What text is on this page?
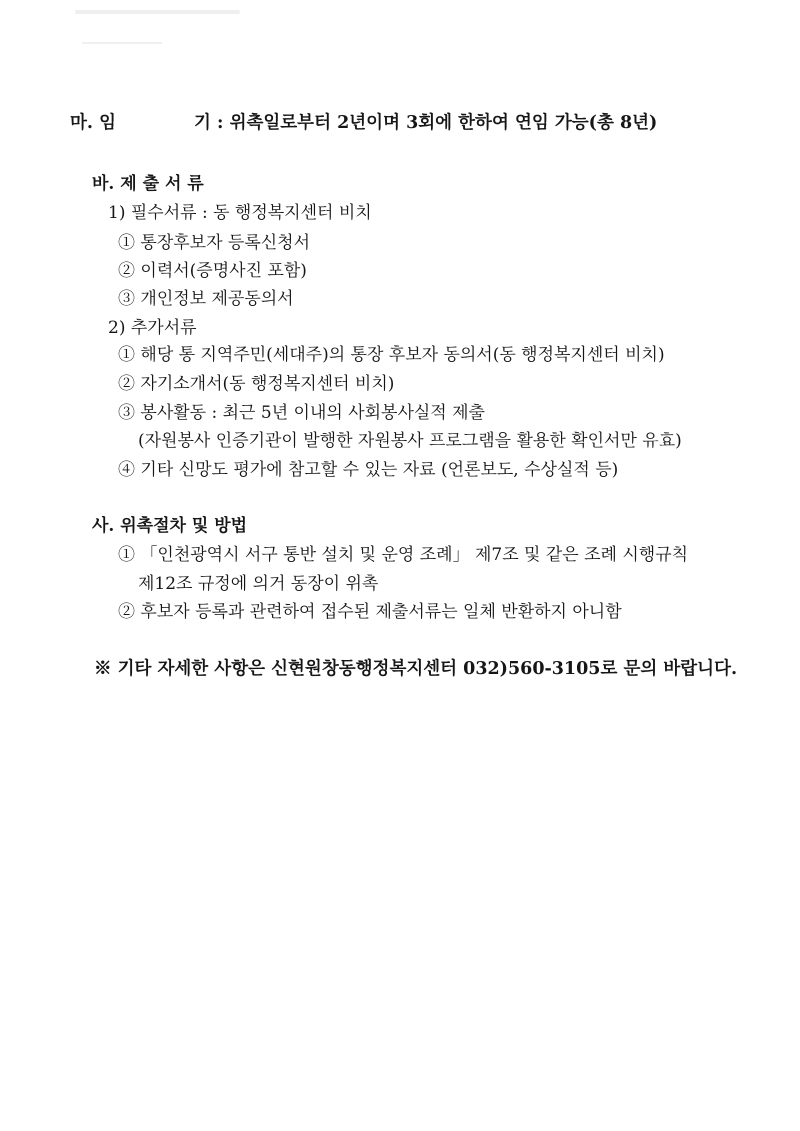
마. 임	기 : 위촉일로부터 2년이며 3회에 한하여 연임 가능(총 8년)
바. 제 출 서 류
1) 필수서류 : 동 행정복지센터 비치
① 통장후보자 등록신청서
② 이력서(증명사진 포함)
③ 개인정보 제공동의서
2) 추가서류
① 해당 통 지역주민(세대주)의 통장 후보자 동의서(동 행정복지센터 비치)
② 자기소개서(동 행정복지센터 비치)
③ 봉사활동 : 최근 5년 이내의 사회봉사실적 제출
(자원봉사 인증기관이 발행한 자원봉사 프로그램을 활용한 확인서만 유효)
④ 기타 신망도 평가에 참고할 수 있는 자료 (언론보도, 수상실적 등)
사. 위촉절차 및 방법
① 「인천광역시 서구 통반 설치 및 운영 조례」 제7조 및 같은 조례 시행규칙
제12조 규정에 의거 동장이 위촉
② 후보자 등록과 관련하여 접수된 제출서류는 일체 반환하지 아니함
※ 기타 자세한 사항은 신현원창동행정복지센터 032)560-3105로 문의 바랍니다.
